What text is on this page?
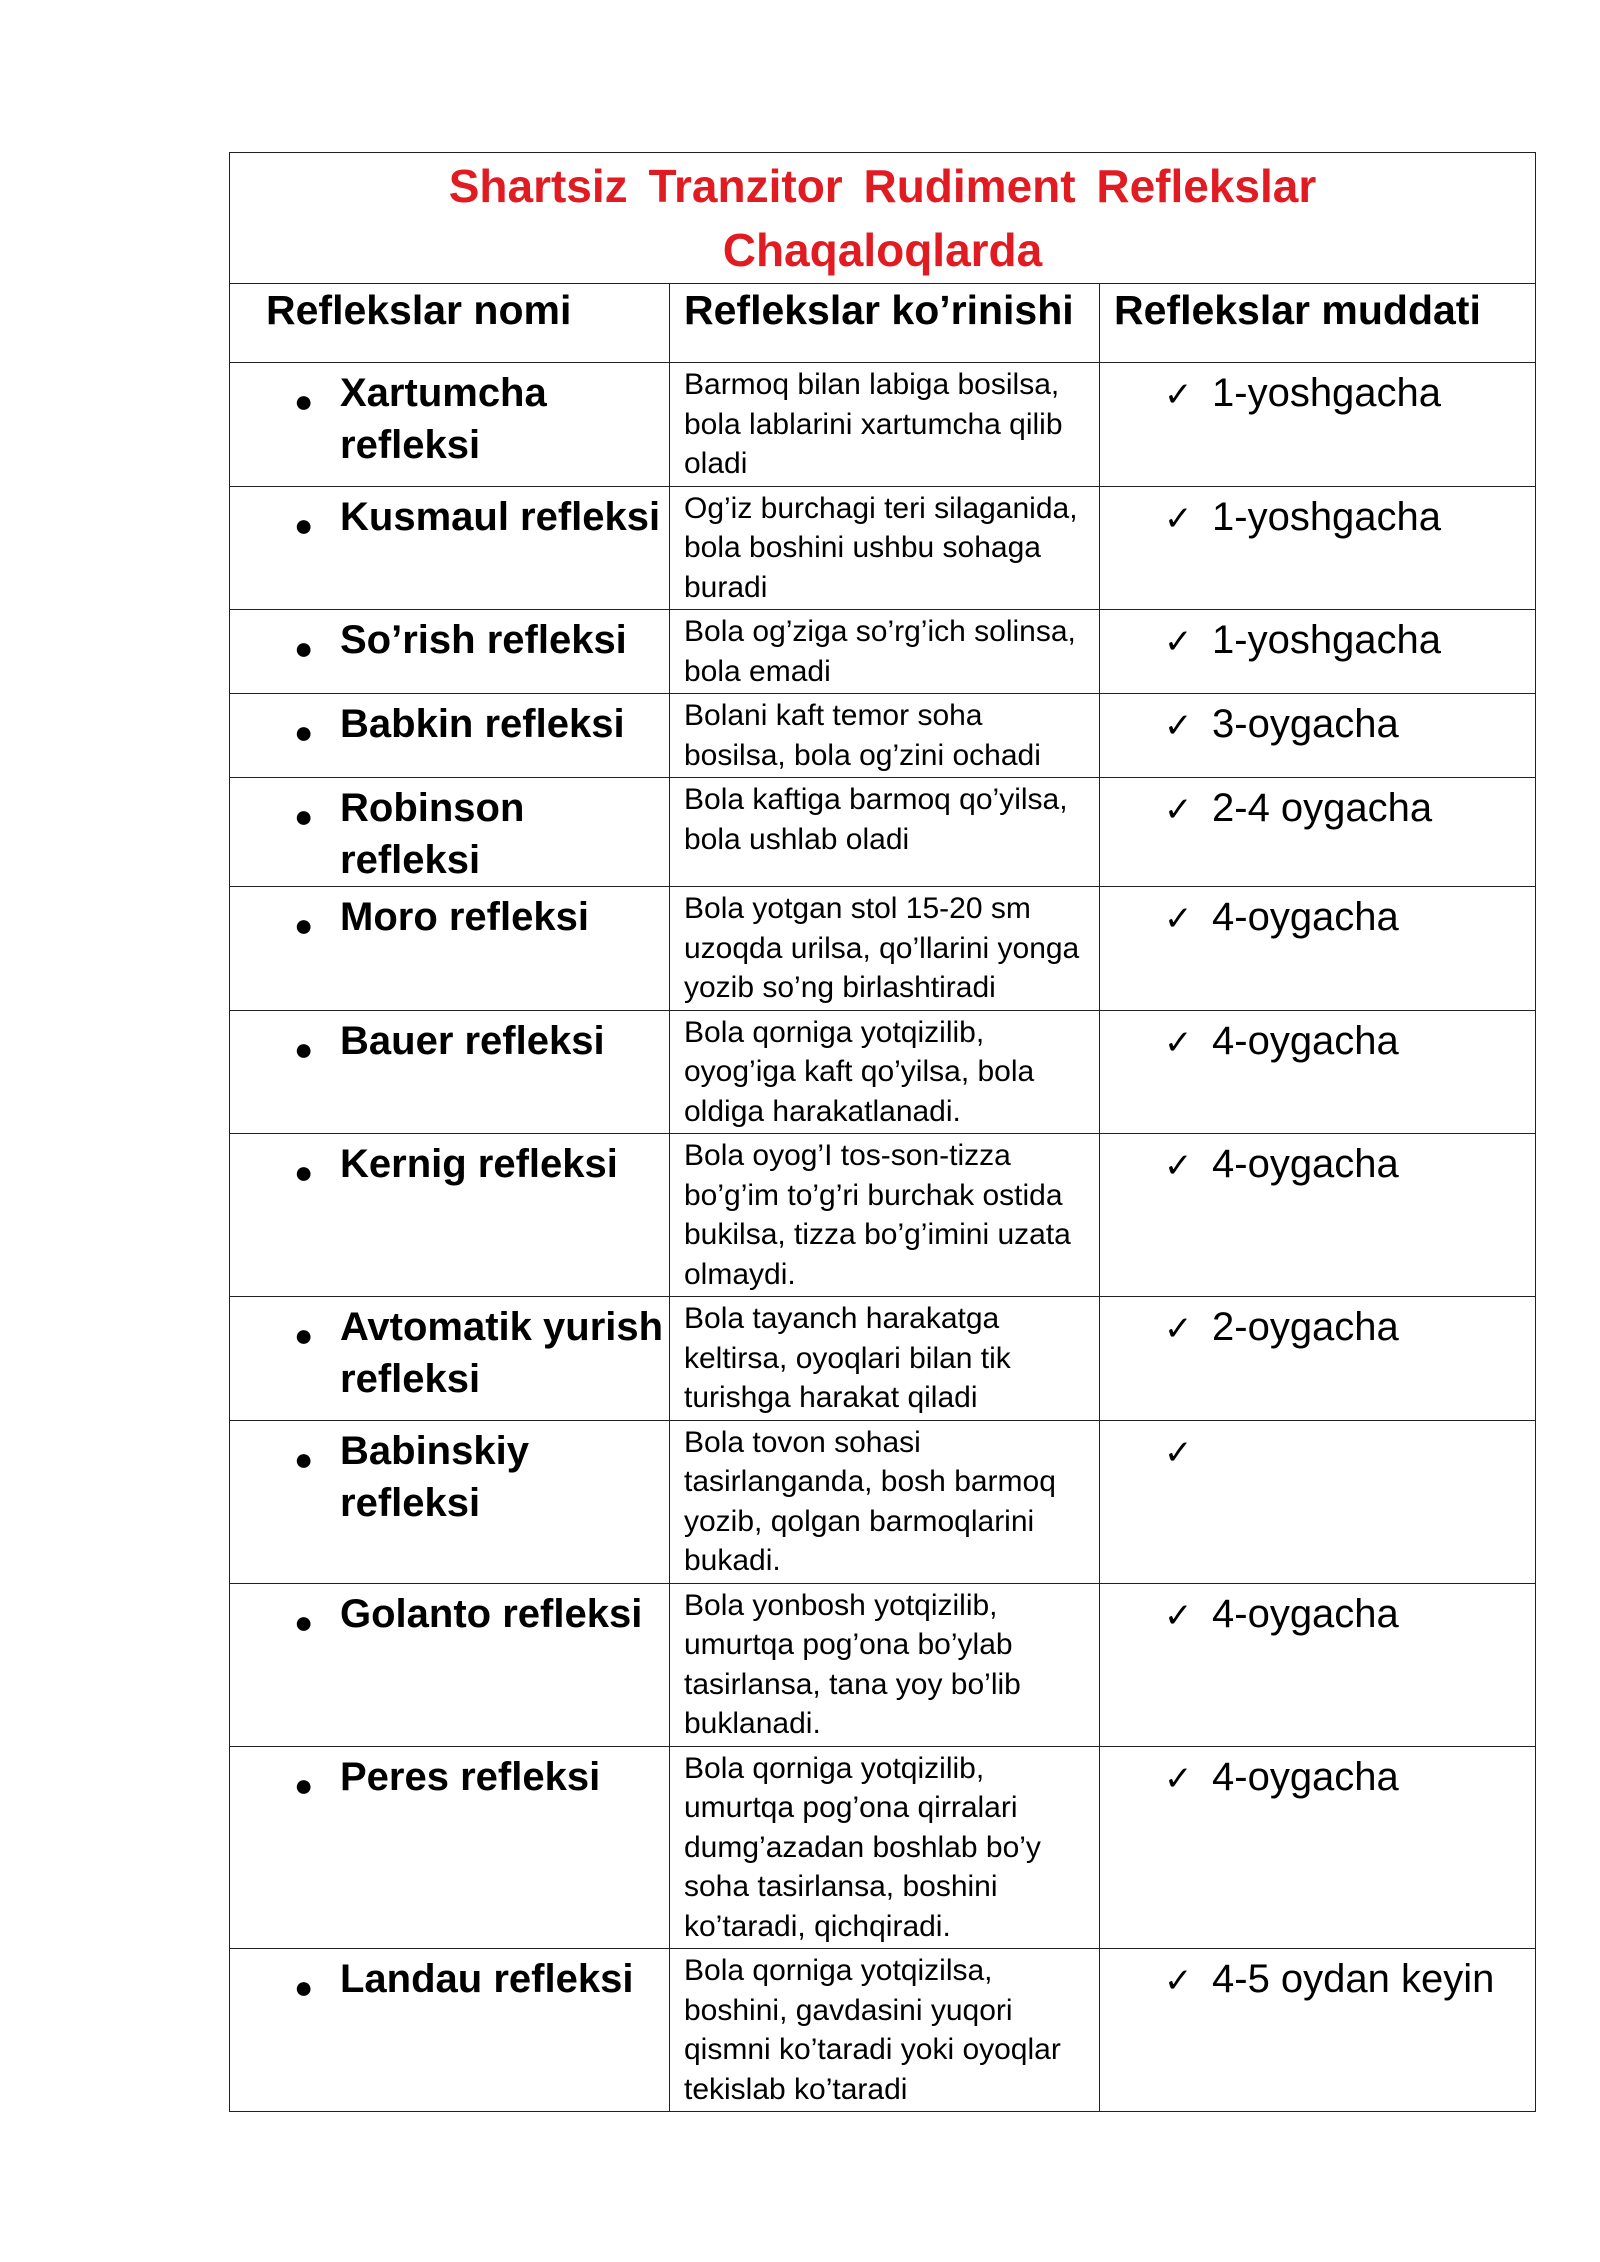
Shartsiz Tranzitor Rudiment Reflekslar
Chaqaloqlarda		

Reflekslar nomi	Reflekslar ko’rinishi	Reflekslar muddati

● Xartumcha refleksi	Barmoq bilan labiga bosilsa, bola lablarini xartumcha qilib oladi	✓ 1-yoshgacha

● Kusmaul refleksi	Og’iz burchagi teri silaganida, bola boshini ushbu sohaga buradi	✓ 1-yoshgacha

● So’rish refleksi	Bola og’ziga so’rg’ich solinsa, bola emadi	✓ 1-yoshgacha

● Babkin refleksi	Bolani kaft temor soha bosilsa, bola og’zini ochadi	✓ 3-oygacha

● Robinson refleksi	Bola kaftiga barmoq qo’yilsa, bola ushlab oladi	✓ 2-4 oygacha

● Moro refleksi	Bola yotgan stol 15-20 sm uzoqda urilsa, qo’llarini yonga yozib so’ng birlashtiradi	✓ 4-oygacha

● Bauer refleksi	Bola qorniga yotqizilib, oyog’iga kaft qo’yilsa, bola oldiga harakatlanadi.	✓ 4-oygacha

● Kernig refleksi	Bola oyog’I tos-son-tizza bo’g’im to’g’ri burchak ostida bukilsa, tizza bo’g’imini uzata olmaydi.	✓ 4-oygacha

● Avtomatik yurish refleksi	Bola tayanch harakatga keltirsa, oyoqlari bilan tik turishga harakat qiladi	✓ 2-oygacha

● Babinskiy refleksi	Bola tovon sohasi tasirlanganda, bosh barmoq yozib, qolgan barmoqlarini bukadi.	✓

● Golanto refleksi	Bola yonbosh yotqizilib, umurtqa pog’ona bo’ylab tasirlansa, tana yoy bo’lib buklanadi.	✓ 4-oygacha

● Peres refleksi	Bola qorniga yotqizilib, umurtqa pog’ona qirralari dumg’azadan boshlab bo’y soha tasirlansa, boshini ko’taradi, qichqiradi.	✓ 4-oygacha

● Landau refleksi	Bola qorniga yotqizilsa, boshini, gavdasini yuqori qismni ko’taradi yoki oyoqlar tekislab ko’taradi	✓ 4-5 oydan keyin
